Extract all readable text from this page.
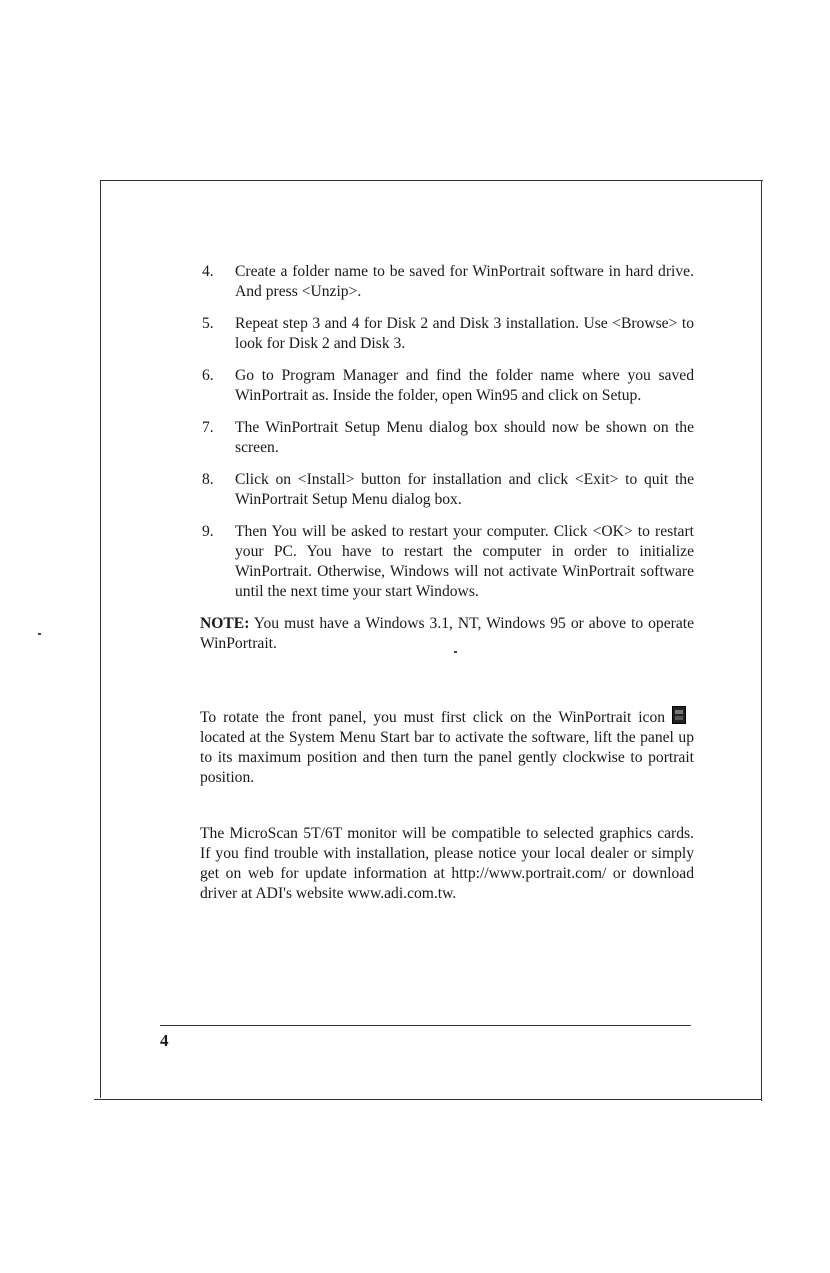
4. Create a folder name to be saved for WinPortrait software in hard drive. And press <Unzip>.
5. Repeat step 3 and 4 for Disk 2 and Disk 3 installation. Use <Browse> to look for Disk 2 and Disk 3.
6. Go to Program Manager and find the folder name where you saved WinPortrait as. Inside the folder, open Win95 and click on Setup.
7. The WinPortrait Setup Menu dialog box should now be shown on the screen.
8. Click on <Install> button for installation and click <Exit> to quit the WinPortrait Setup Menu dialog box.
9. Then You will be asked to restart your computer. Click <OK> to restart your PC. You have to restart the computer in order to initialize WinPortrait. Otherwise, Windows will not activate WinPortrait software until the next time your start Windows.

NOTE: You must have a Windows 3.1, NT, Windows 95 or above to operate WinPortrait.

To rotate the front panel, you must first click on the WinPortrait icon located at the System Menu Start bar to activate the software, lift the panel up to its maximum position and then turn the panel gently clockwise to portrait position.

The MicroScan 5T/6T monitor will be compatible to selected graphics cards. If you find trouble with installation, please notice your local dealer or simply get on web for update information at http://www.portrait.com/ or download driver at ADI's website www.adi.com.tw.

4
